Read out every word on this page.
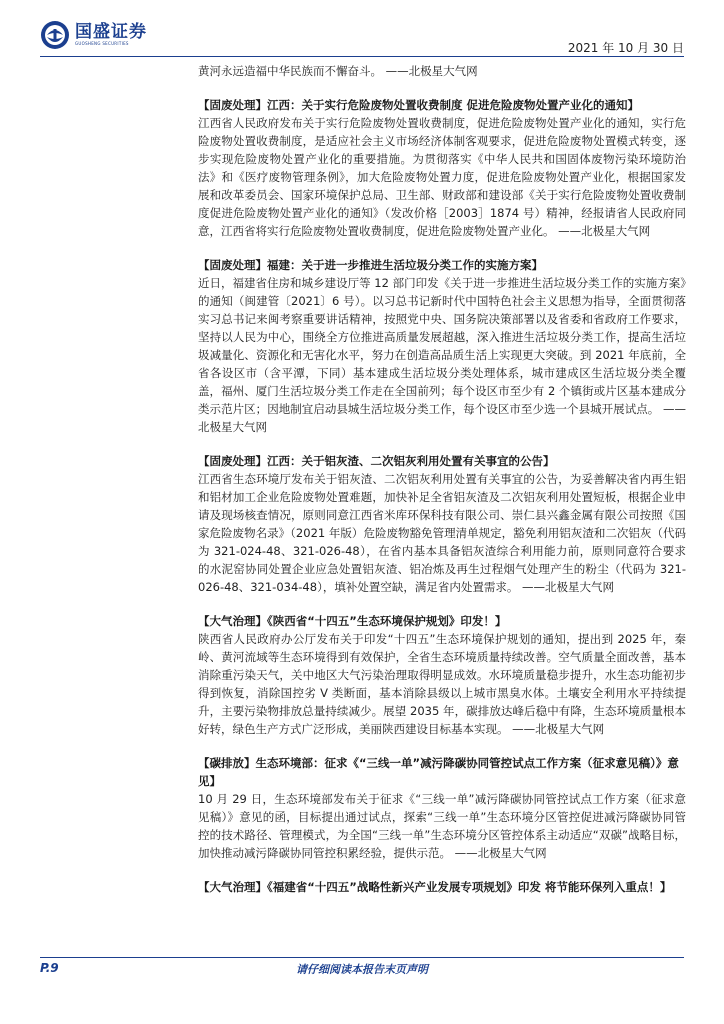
国盛证券
GUOSHENG SECURITIES	2021 年 10 月 30 日
黄河永远造福中华民族而不懈奋斗。 ——北极星大气网
【固废处理】江西：关于实行危险废物处置收费制度 促进危险废物处置产业化的通知】
江西省人民政府发布关于实行危险废物处置收费制度，促进危险废物处置产业化的通知，实行危险废物处置收费制度，是适应社会主义市场经济体制客观要求，促进危险废物处置模式转变，逐步实现危险废物处置产业化的重要措施。为贯彻落实《中华人民共和国固体废物污染环境防治法》和《医疗废物管理条例》，加大危险废物处置力度，促进危险废物处置产业化，根据国家发展和改革委员会、国家环境保护总局、卫生部、财政部和建设部《关于实行危险废物处置收费制度促进危险废物处置产业化的通知》（发改价格［2003］1874 号）精神，经报请省人民政府同意，江西省将实行危险废物处置收费制度，促进危险废物处置产业化。 ——北极星大气网
【固废处理】福建：关于进一步推进生活垃圾分类工作的实施方案】
近日，福建省住房和城乡建设厅等 12 部门印发《关于进一步推进生活垃圾分类工作的实施方案》的通知（闽建管〔2021〕6 号）。以习总书记新时代中国特色社会主义思想为指导，全面贯彻落实习总书记来闽考察重要讲话精神，按照党中央、国务院决策部署以及省委和省政府工作要求，坚持以人民为中心，围绕全方位推进高质量发展超越，深入推进生活垃圾分类工作，提高生活垃圾减量化、资源化和无害化水平，努力在创造高品质生活上实现更大突破。到 2021 年底前，全省各设区市（含平潭，下同）基本建成生活垃圾分类处理体系，城市建成区生活垃圾分类全覆盖，福州、厦门生活垃圾分类工作走在全国前列；每个设区市至少有 2 个镇街或片区基本建成分类示范片区；因地制宜启动县城生活垃圾分类工作，每个设区市至少选一个县城开展试点。 ——北极星大气网
【固废处理】江西：关于铝灰渣、二次铝灰利用处置有关事宜的公告】
江西省生态环境厅发布关于铝灰渣、二次铝灰利用处置有关事宜的公告，为妥善解决省内再生铝和铝材加工企业危险废物处置难题，加快补足全省铝灰渣及二次铝灰利用处置短板，根据企业申请及现场核查情况，原则同意江西省米库环保科技有限公司、崇仁县兴鑫金属有限公司按照《国家危险废物名录》（2021 年版）危险废物豁免管理清单规定，豁免利用铝灰渣和二次铝灰（代码为 321-024-48、321-026-48），在省内基本具备铝灰渣综合利用能力前，原则同意符合要求的水泥窑协同处置企业应急处置铝灰渣、铝冶炼及再生过程烟气处理产生的粉尘（代码为 321-026-48、321-034-48），填补处置空缺，满足省内处置需求。 ——北极星大气网
【大气治理】《陕西省“十四五”生态环境保护规划》印发！】
陕西省人民政府办公厅发布关于印发“十四五”生态环境保护规划的通知，提出到 2025 年，秦岭、黄河流域等生态环境得到有效保护，全省生态环境质量持续改善。空气质量全面改善，基本消除重污染天气，关中地区大气污染治理取得明显成效。水环境质量稳步提升，水生态功能初步得到恢复，消除国控劣 V 类断面，基本消除县级以上城市黑臭水体。土壤安全利用水平持续提升，主要污染物排放总量持续减少。展望 2035 年，碳排放达峰后稳中有降，生态环境质量根本好转，绿色生产方式广泛形成，美丽陕西建设目标基本实现。 ——北极星大气网
【碳排放】生态环境部：征求《“三线一单”减污降碳协同管控试点工作方案（征求意见稿）》意见】
10 月 29 日，生态环境部发布关于征求《“三线一单”减污降碳协同管控试点工作方案（征求意见稿）》意见的函，目标提出通过试点，探索“三线一单”生态环境分区管控促进减污降碳协同管控的技术路径、管理模式，为全国“三线一单”生态环境分区管控体系主动适应“双碳”战略目标，加快推动减污降碳协同管控积累经验，提供示范。 ——北极星大气网
【大气治理】《福建省“十四五”战略性新兴产业发展专项规划》印发 将节能环保列入重点！】
P.9	请仔细阅读本报告末页声明
